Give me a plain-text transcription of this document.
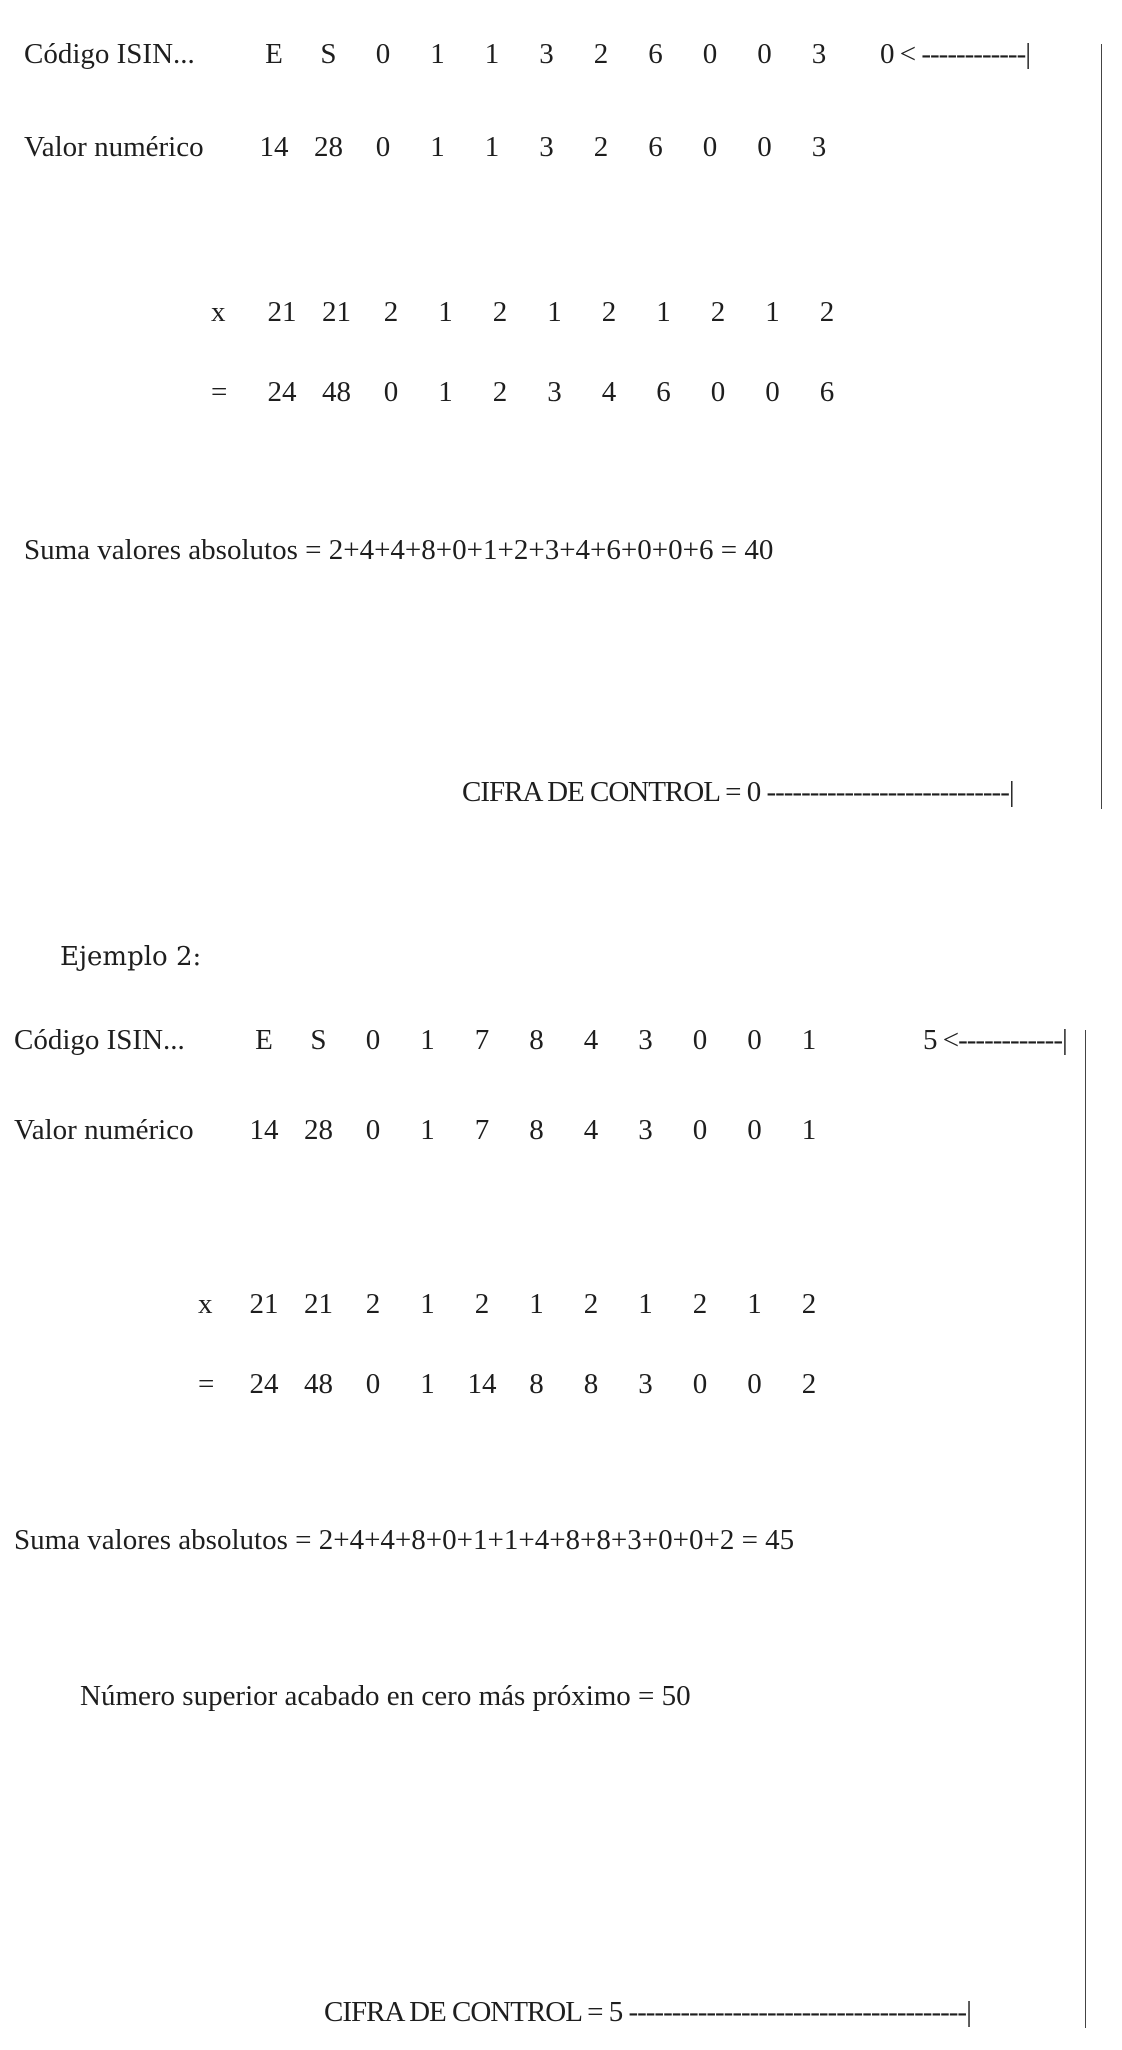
Código ISIN... E S 0 1 1 3 2 6 0 0 3 0 < ------------|
Valor numérico 14 28 0 1 1 3 2 6 0 0 3
x 21 21 2 1 2 1 2 1 2 1 2
= 24 48 0 1 2 3 4 6 0 0 6
Suma valores absolutos = 2+4+4+8+0+1+2+3+4+6+0+0+6 = 40
CIFRA DE CONTROL = 0 ----------------------------|
Ejemplo 2:
Código ISIN... E S 0 1 7 8 4 3 0 0 1	5 <------------|
Valor numérico 14 28 0 1 7 8 4 3 0 0 1
x 21 21 2 1 2 1 2 1 2 1 2
= 24 48 0 1 14 8 8 3 0 0 2
Suma valores absolutos = 2+4+4+8+0+1+1+4+8+8+3+0+0+2 = 45
Número superior acabado en cero más próximo = 50
CIFRA DE CONTROL = 5 ---------------------------------------|
